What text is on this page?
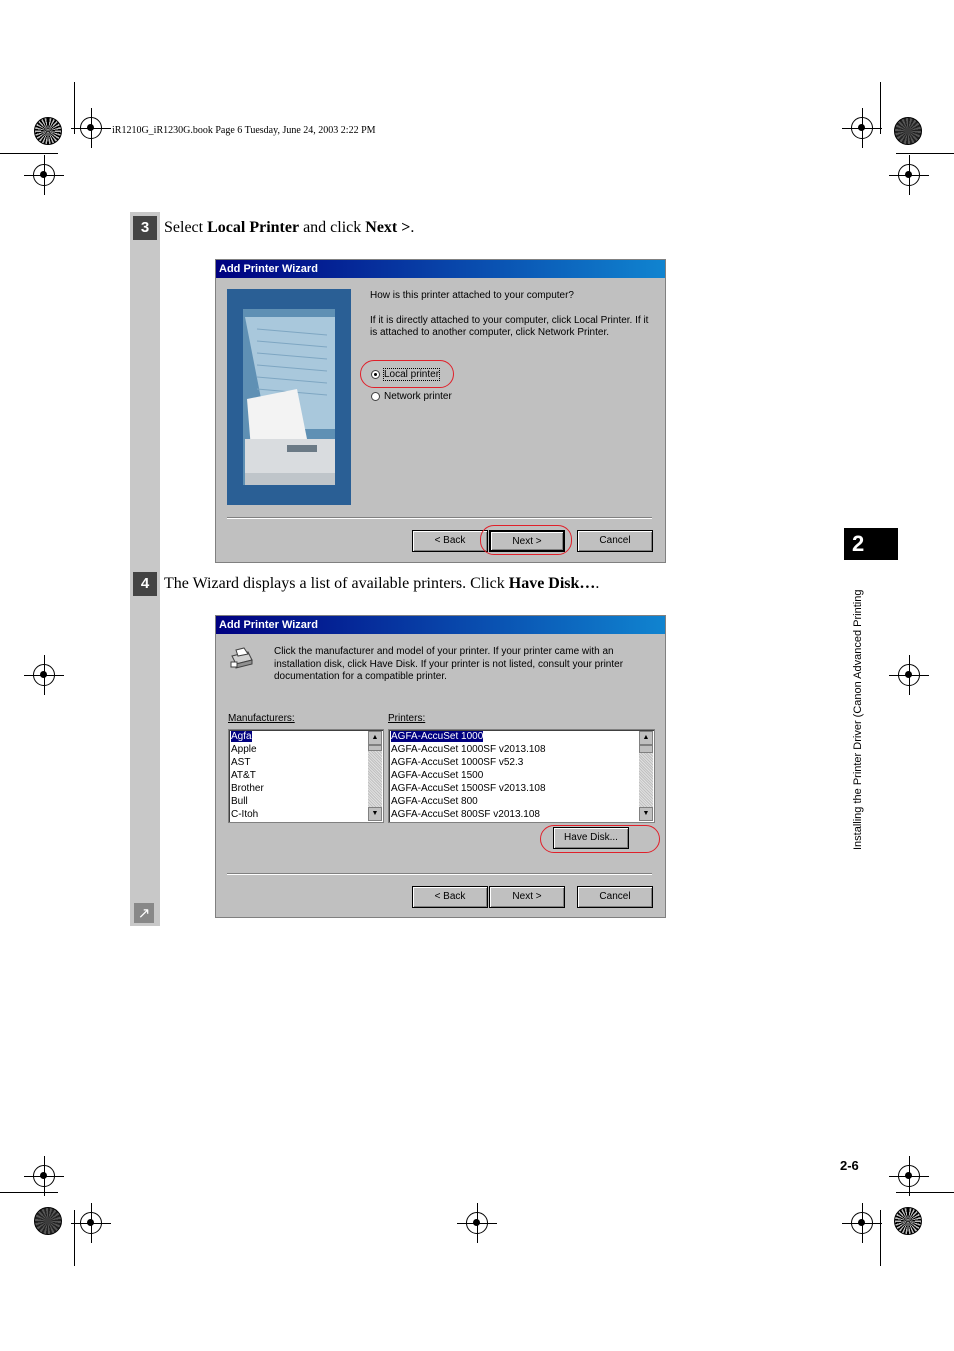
iR1210G_iR1230G.book Page 6 Tuesday, June 24, 2003 2:22 PM
3 Select Local Printer and click Next >.
Add Printer Wizard
How is this printer attached to your computer?
If it is directly attached to your computer, click Local Printer. If it is attached to another computer, click Network Printer.
Local printer
Network printer
< Back	Next >	Cancel
4 The Wizard displays a list of available printers. Click Have Disk….
Add Printer Wizard
Click the manufacturer and model of your printer. If your printer came with an installation disk, click Have Disk. If your printer is not listed, consult your printer documentation for a compatible printer.
Manufacturers:	Printers:
Agfa
Apple
AST
AT&T
Brother
Bull
C-Itoh
▲
▼
AGFA-AccuSet 1000
AGFA-AccuSet 1000SF v2013.108
AGFA-AccuSet 1000SF v52.3
AGFA-AccuSet 1500
AGFA-AccuSet 1500SF v2013.108
AGFA-AccuSet 800
AGFA-AccuSet 800SF v2013.108
▲
▼
Have Disk...
< Back	Next >	Cancel
↗
2
Installing the Printer Driver (Canon Advanced Printing
2-6
